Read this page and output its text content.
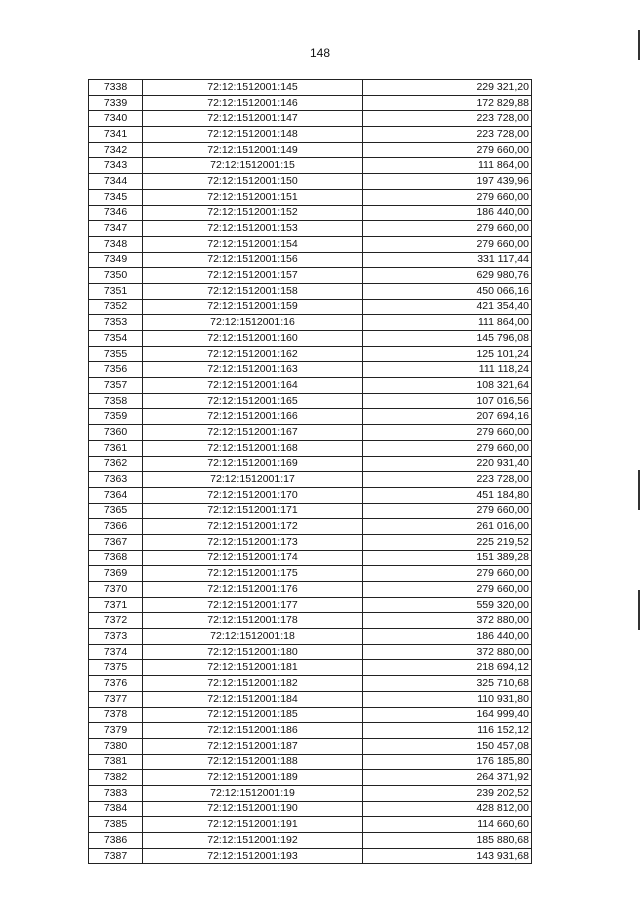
148
7338	72:12:1512001:145	229 321,20
7339	72:12:1512001:146	172 829,88
7340	72:12:1512001:147	223 728,00
7341	72:12:1512001:148	223 728,00
7342	72:12:1512001:149	279 660,00
7343	72:12:1512001:15	111 864,00
7344	72:12:1512001:150	197 439,96
7345	72:12:1512001:151	279 660,00
7346	72:12:1512001:152	186 440,00
7347	72:12:1512001:153	279 660,00
7348	72:12:1512001:154	279 660,00
7349	72:12:1512001:156	331 117,44
7350	72:12:1512001:157	629 980,76
7351	72:12:1512001:158	450 066,16
7352	72:12:1512001:159	421 354,40
7353	72:12:1512001:16	111 864,00
7354	72:12:1512001:160	145 796,08
7355	72:12:1512001:162	125 101,24
7356	72:12:1512001:163	111 118,24
7357	72:12:1512001:164	108 321,64
7358	72:12:1512001:165	107 016,56
7359	72:12:1512001:166	207 694,16
7360	72:12:1512001:167	279 660,00
7361	72:12:1512001:168	279 660,00
7362	72:12:1512001:169	220 931,40
7363	72:12:1512001:17	223 728,00
7364	72:12:1512001:170	451 184,80
7365	72:12:1512001:171	279 660,00
7366	72:12:1512001:172	261 016,00
7367	72:12:1512001:173	225 219,52
7368	72:12:1512001:174	151 389,28
7369	72:12:1512001:175	279 660,00
7370	72:12:1512001:176	279 660,00
7371	72:12:1512001:177	559 320,00
7372	72:12:1512001:178	372 880,00
7373	72:12:1512001:18	186 440,00
7374	72:12:1512001:180	372 880,00
7375	72:12:1512001:181	218 694,12
7376	72:12:1512001:182	325 710,68
7377	72:12:1512001:184	110 931,80
7378	72:12:1512001:185	164 999,40
7379	72:12:1512001:186	116 152,12
7380	72:12:1512001:187	150 457,08
7381	72:12:1512001:188	176 185,80
7382	72:12:1512001:189	264 371,92
7383	72:12:1512001:19	239 202,52
7384	72:12:1512001:190	428 812,00
7385	72:12:1512001:191	114 660,60
7386	72:12:1512001:192	185 880,68
7387	72:12:1512001:193	143 931,68
